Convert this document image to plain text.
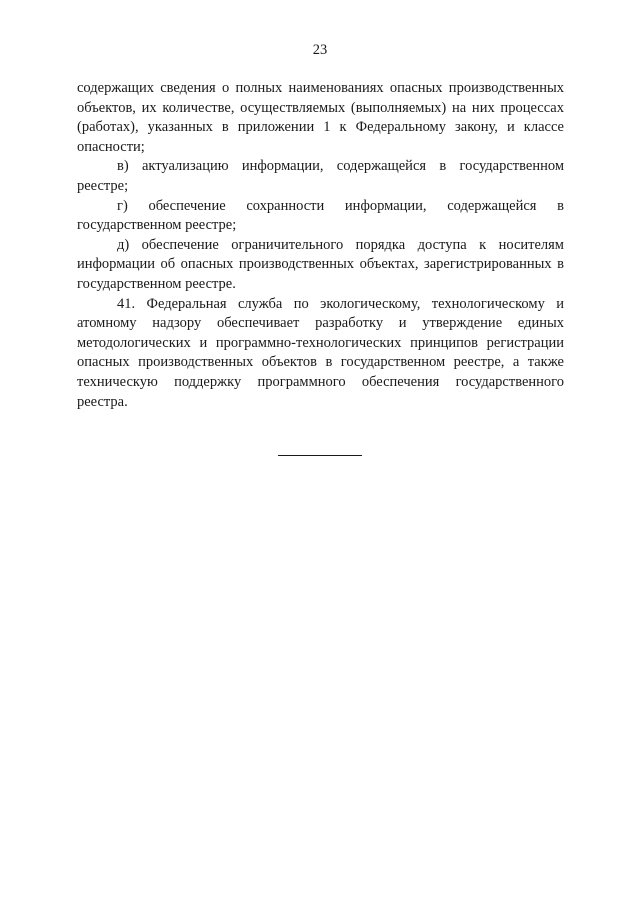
23

содержащих сведения о полных наименованиях опасных производственных объектов, их количестве, осуществляемых (выполняемых) на них процессах (работах), указанных в приложении 1 к Федеральному закону, и классе опасности;

в) актуализацию информации, содержащейся в государственном реестре;

г) обеспечение сохранности информации, содержащейся в государственном реестре;

д) обеспечение ограничительного порядка доступа к носителям информации об опасных производственных объектах, зарегистрированных в государственном реестре.

41. Федеральная служба по экологическому, технологическому и атомному надзору обеспечивает разработку и утверждение единых методологических и программно-технологических принципов регистрации опасных производственных объектов в государственном реестре, а также техническую поддержку программного обеспечения государственного реестра.
